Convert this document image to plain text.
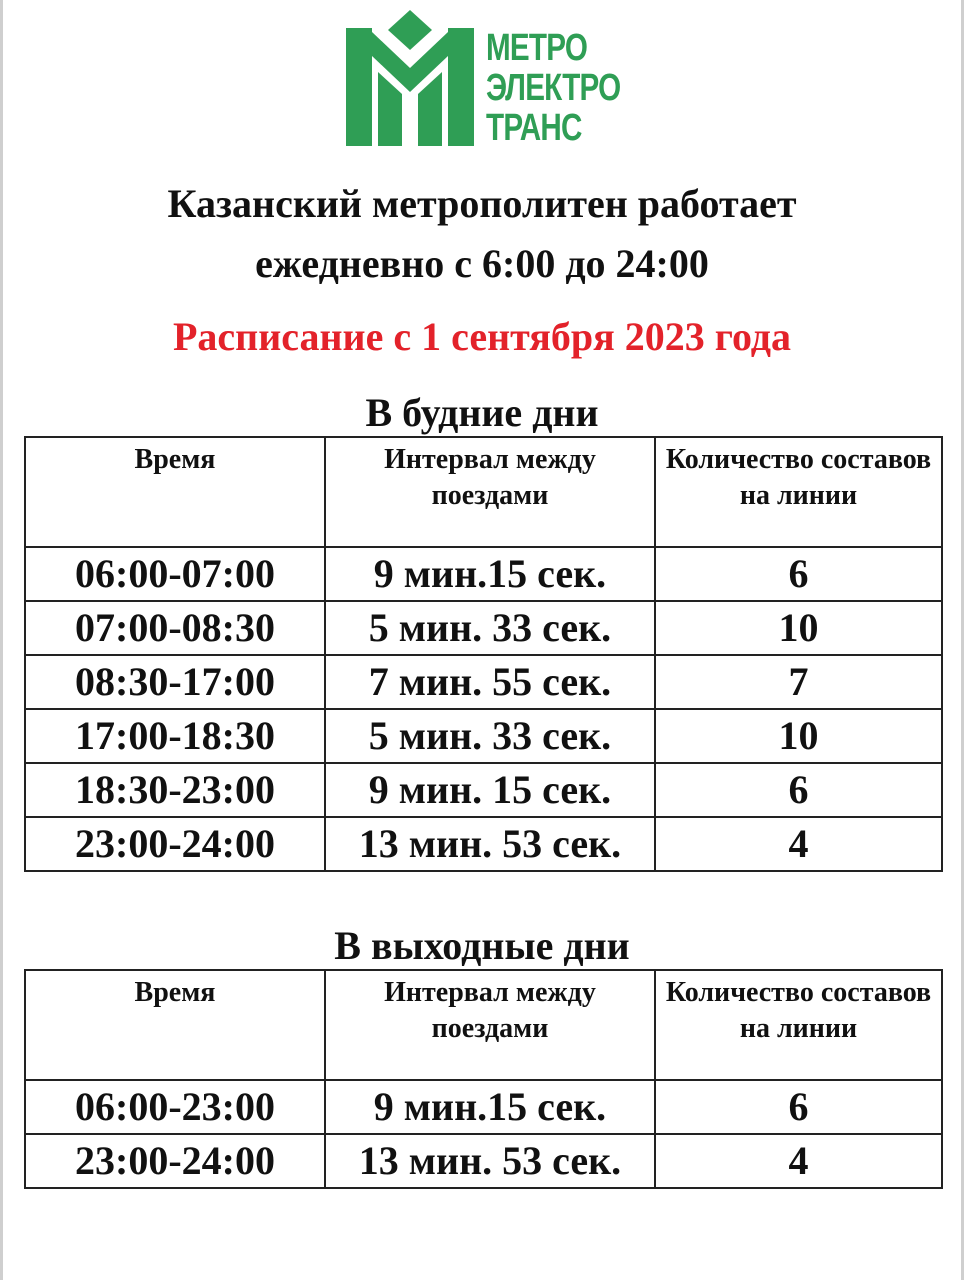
МЕТРО
ЭЛЕКТРО
ТРАНС
Казанский метрополитен работает
ежедневно с 6:00 до 24:00
Расписание с 1 сентября 2023 года
В будние дни
Время	Интервал между поездами	Количество составов на линии
06:00-07:00	9 мин.15 сек.	6
07:00-08:30	5 мин. 33 сек.	10
08:30-17:00	7 мин. 55 сек.	7
17:00-18:30	5 мин. 33 сек.	10
18:30-23:00	9 мин. 15 сек.	6
23:00-24:00	13 мин. 53 сек.	4
В выходные дни
Время	Интервал между поездами	Количество составов на линии
06:00-23:00	9 мин.15 сек.	6
23:00-24:00	13 мин. 53 сек.	4
